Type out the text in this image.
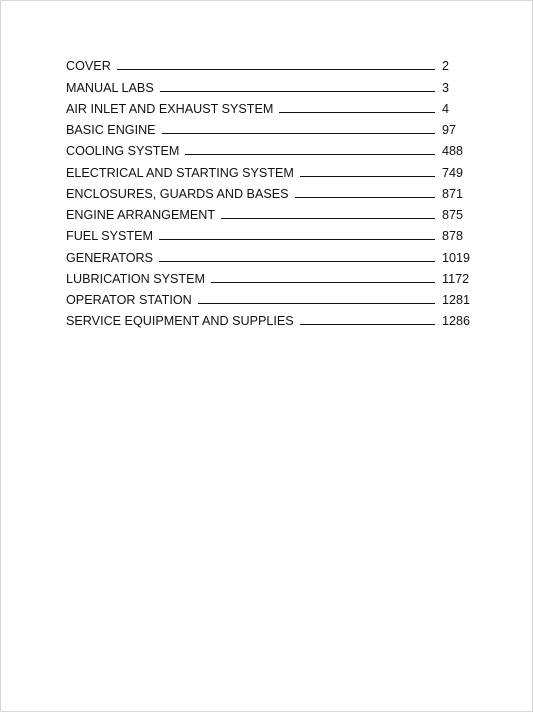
COVER	2
MANUAL LABS	3
AIR INLET AND EXHAUST SYSTEM	4
BASIC ENGINE	97
COOLING SYSTEM	488
ELECTRICAL AND STARTING SYSTEM	749
ENCLOSURES, GUARDS AND BASES	871
ENGINE ARRANGEMENT	875
FUEL SYSTEM	878
GENERATORS	1019
LUBRICATION SYSTEM	1172
OPERATOR STATION	1281
SERVICE EQUIPMENT AND SUPPLIES	1286
